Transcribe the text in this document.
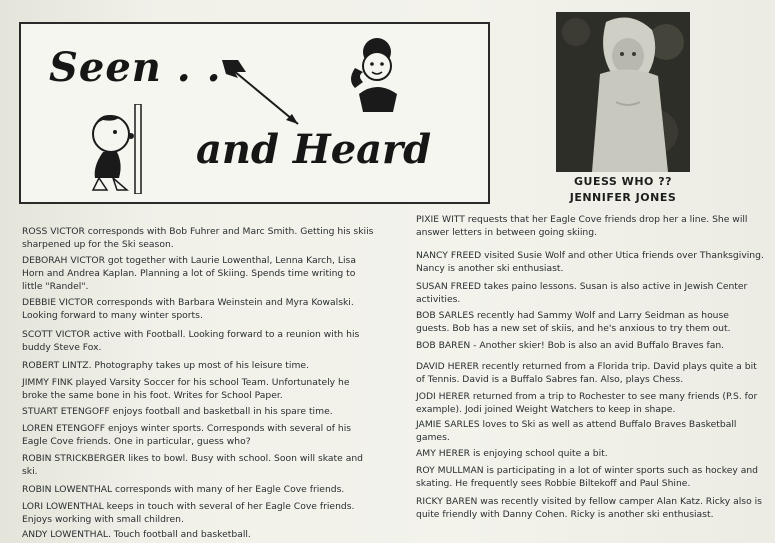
Seen . .
and Heard
GUESS WHO ??
JENNIFER JONES

ROSS VICTOR corresponds with Bob Fuhrer and Marc Smith. Getting his skiis sharpened up for the Ski season.

DEBORAH VICTOR got together with Laurie Lowenthal, Lenna Karch, Lisa Horn and Andrea Kaplan. Planning a lot of Skiing. Spends time writing to little "Randel".

DEBBIE VICTOR corresponds with Barbara Weinstein and Myra Kowalski. Looking forward to many winter sports.

SCOTT VICTOR active with Football. Looking forward to a reunion with his buddy Steve Fox.

ROBERT LINTZ. Photography takes up most of his leisure time.

JIMMY FINK played Varsity Soccer for his school Team. Unfortunately he broke the same bone in his foot. Writes for School Paper.

STUART ETENGOFF enjoys football and basketball in his spare time.

LOREN ETENGOFF enjoys winter sports. Corresponds with several of his Eagle Cove friends. One in particular, guess who?

ROBIN STRICKBERGER likes to bowl. Busy with school. Soon will skate and ski.

ROBIN LOWENTHAL corresponds with many of her Eagle Cove friends.

LORI LOWENTHAL keeps in touch with several of her Eagle Cove friends. Enjoys working with small children.

ANDY LOWENTHAL. Touch football and basketball.

PIXIE WITT requests that her Eagle Cove friends drop her a line. She will answer letters in between going skiing.

NANCY FREED visited Susie Wolf and other Utica friends over Thanksgiving. Nancy is another ski enthusiast.

SUSAN FREED takes paino lessons. Susan is also active in Jewish Center activities.

BOB SARLES recently had Sammy Wolf and Larry Seidman as house guests. Bob has a new set of skiis, and he's anxious to try them out.

BOB BAREN - Another skier! Bob is also an avid Buffalo Braves fan.

DAVID HERER recently returned from a Florida trip. David plays quite a bit of Tennis. David is a Buffalo Sabres fan. Also, plays Chess.

JODI HERER returned from a trip to Rochester to see many friends (P.S. for example). Jodi joined Weight Watchers to keep in shape.

JAMIE SARLES loves to Ski as well as attend Buffalo Braves Basketball games.

AMY HERER is enjoying school quite a bit.

ROY MULLMAN is participating in a lot of winter sports such as hockey and skating. He frequently sees Robbie Biltekoff and Paul Shine.

RICKY BAREN was recently visited by fellow camper Alan Katz. Ricky also is quite friendly with Danny Cohen. Ricky is another ski enthusiast.
